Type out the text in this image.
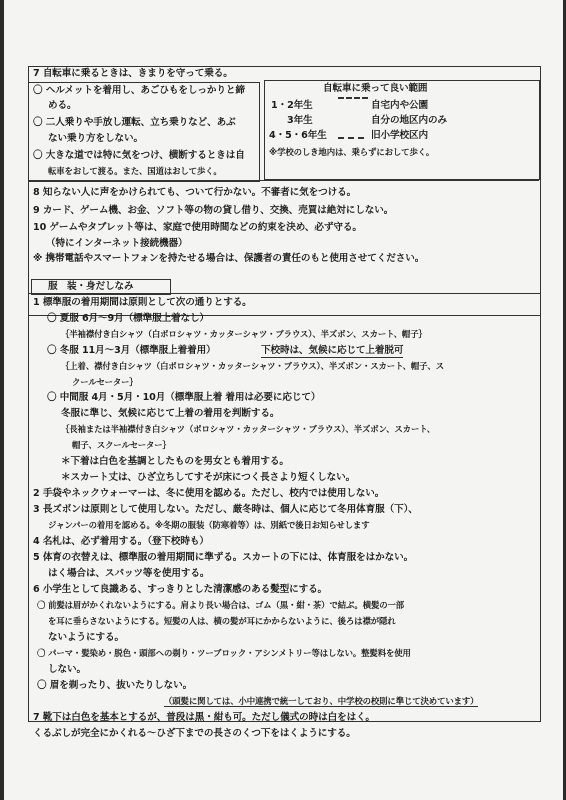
7 自転車に乗るときは、きまりを守って乗る。
〇 ヘルメットを着用し、あごひもをしっかりと締
める。
〇 二人乗りや手放し運転、立ち乗りなど、あぶ
ない乗り方をしない。
〇 大きな道では特に気をつけ、横断するときは自
転車をおして渡る。また、国道はおして歩く。
自転車に乗って良い範囲
1・2年生	自宅内や公園
3年生	自分の地区内のみ
4・5・6年生	旧小学校区内
※学校のしき地内は、乗らずにおして歩く。
8 知らない人に声をかけられても、ついて行かない。不審者に気をつける。
9 カード、ゲーム機、お金、ソフト等の物の貸し借り、交換、売買は絶対にしない。
10 ゲームやタブレット等は、家庭で使用時間などの約束を決め、必ず守る。
（特にインターネット接続機器）
※ 携帯電話やスマートフォンを持たせる場合は、保護者の責任のもと使用させてください。
服　装・身だしなみ
1 標準服の着用期間は原則として次の通りとする。
〇 夏服 6月～9月（標準服上着なし）
｛半袖襟付き白シャツ（白ポロシャツ・カッターシャツ・ブラウス）、半ズボン、スカート、帽子｝
〇 冬服 11月～3月（標準服上着着用）	下校時は、気候に応じて上着脱可
｛上着、襟付き白シャツ（白ポロシャツ・カッターシャツ・ブラウス）、半ズボン・スカート、帽子、ス
クールセーター｝
〇 中間服 4月・5月・10月（標準服上着 着用は必要に応じて）
冬服に準じ、気候に応じて上着の着用を判断する。
｛長袖または半袖襟付き白シャツ（ポロシャツ・カッターシャツ・ブラウス）、半ズボン、スカート、
帽子、スクールセーター｝
＊下着は白色を基調としたものを男女とも着用する。
＊スカート丈は、ひざ立ちしてすそが床につく長さより短くしない。
2 手袋やネックウォーマーは、冬に使用を認める。ただし、校内では使用しない。
3 長ズボンは原則として使用しない。ただし、厳冬時は、個人に応じて冬用体育服（下）、
ジャンパーの着用を認める。※冬期の服装（防寒着等）は、別紙で後日お知らせします
4 名札は、必ず着用する。（登下校時も）
5 体育の衣替えは、標準服の着用期間に準ずる。スカートの下には、体育服をはかない。
はく場合は、スパッツ等を使用する。
6 小学生として良識ある、すっきりとした清潔感のある髪型にする。
〇 前髪は眉がかくれないようにする。肩より長い場合は、ゴム（黒・紺・茶）で結ぶ。横髪の一部
を耳に垂らさないようにする。短髪の人は、横の髪が耳にかからないように、後ろは襟が隠れ
ないようにする。
〇 パーマ・髪染め・脱色・頭部への剃り・ツーブロック・アシンメトリー等はしない。整髪料を使用
しない。
〇 眉を剃ったり、抜いたりしない。
（頭髪に関しては、小中連携で統一しており、中学校の校則に準じて決めています）
7 靴下は白色を基本とするが、普段は黒・紺も可。ただし儀式の時は白をはく。
くるぶしが完全にかくれる～ひざ下までの長さのくつ下をはくようにする。
